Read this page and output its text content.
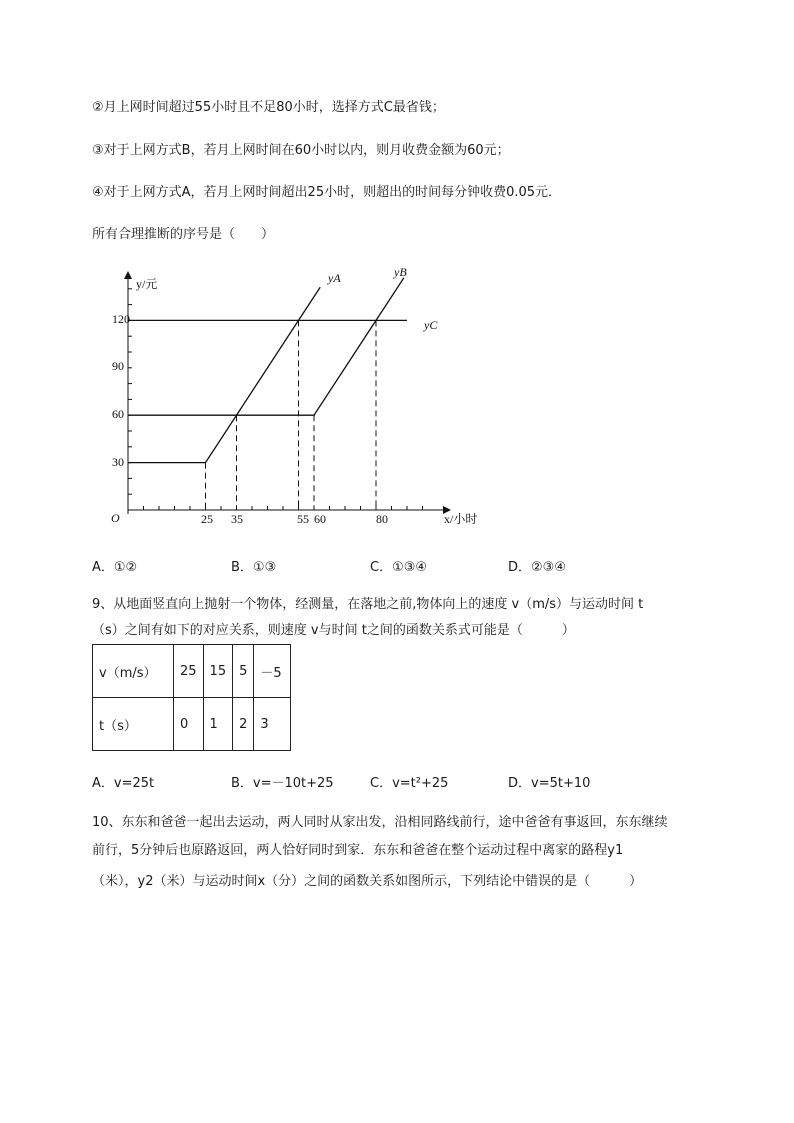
②月上网时间超过55小时且不足80小时，选择方式C最省钱；
③对于上网方式B，若月上网时间在60小时以内，则月收费金额为60元；
④对于上网方式A，若月上网时间超出25小时，则超出的时间每分钟收费0.05元．
所有合理推断的序号是（　　）
y/元
x/小时
O
120
90
60
30
25 35	55 60	80
yA	yB
yC
A．①②	B．①③	C．①③④	D．②③④
9、从地面竖直向上抛射一个物体，经测量，在落地之前,物体向上的速度 v（m/s）与运动时间 t
（s）之间有如下的对应关系，则速度 v与时间 t之间的函数关系式可能是（　　　）
v（m/s）	25	15	5	－5
t（s）	0	1	2	3
A．v=25t	B．v=－10t+25	C．v=t²+25	D．v=5t+10
10、东东和爸爸一起出去运动，两人同时从家出发，沿相同路线前行，途中爸爸有事返回，东东继续
前行，5分钟后也原路返回，两人恰好同时到家．东东和爸爸在整个运动过程中离家的路程y1
（米），y2（米）与运动时间x（分）之间的函数关系如图所示，下列结论中错误的是（　　　）
